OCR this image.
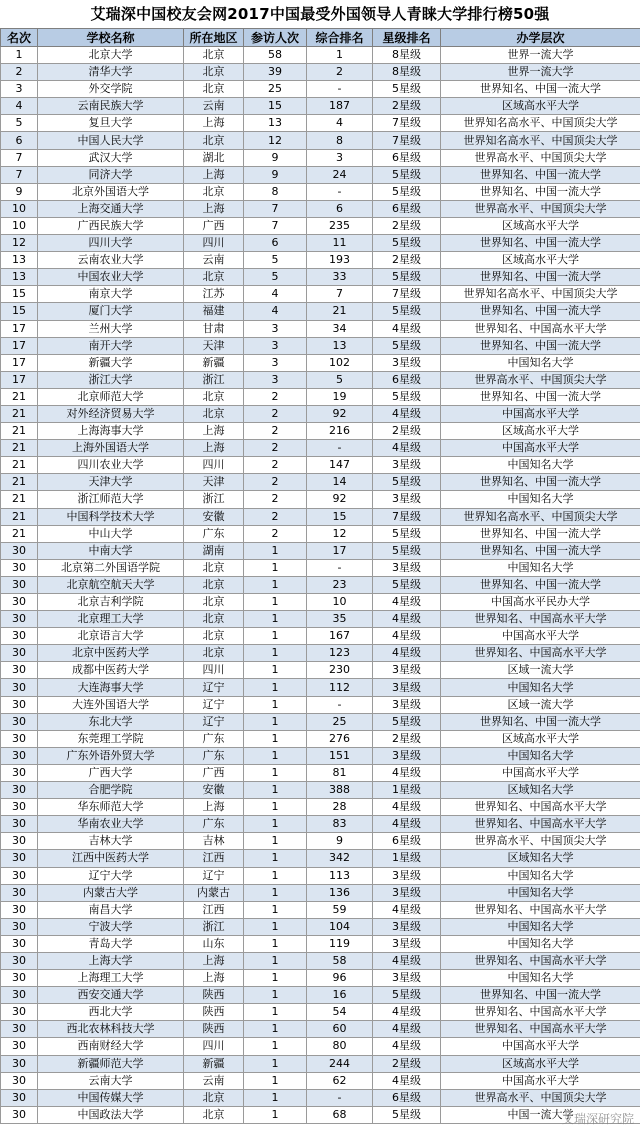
艾瑞深中国校友会网2017中国最受外国领导人青睐大学排行榜50强
名次	学校名称	所在地区	参访人次	综合排名	星级排名	办学层次
1	北京大学	北京	58	1	8星级	世界一流大学
2	清华大学	北京	39	2	8星级	世界一流大学
3	外交学院	北京	25	-	5星级	世界知名、中国一流大学
4	云南民族大学	云南	15	187	2星级	区域高水平大学
5	复旦大学	上海	13	4	7星级	世界知名高水平、中国顶尖大学
6	中国人民大学	北京	12	8	7星级	世界知名高水平、中国顶尖大学
7	武汉大学	湖北	9	3	6星级	世界高水平、中国顶尖大学
7	同济大学	上海	9	24	5星级	世界知名、中国一流大学
9	北京外国语大学	北京	8	-	5星级	世界知名、中国一流大学
10	上海交通大学	上海	7	6	6星级	世界高水平、中国顶尖大学
10	广西民族大学	广西	7	235	2星级	区域高水平大学
12	四川大学	四川	6	11	5星级	世界知名、中国一流大学
13	云南农业大学	云南	5	193	2星级	区域高水平大学
13	中国农业大学	北京	5	33	5星级	世界知名、中国一流大学
15	南京大学	江苏	4	7	7星级	世界知名高水平、中国顶尖大学
15	厦门大学	福建	4	21	5星级	世界知名、中国一流大学
17	兰州大学	甘肃	3	34	4星级	世界知名、中国高水平大学
17	南开大学	天津	3	13	5星级	世界知名、中国一流大学
17	新疆大学	新疆	3	102	3星级	中国知名大学
17	浙江大学	浙江	3	5	6星级	世界高水平、中国顶尖大学
21	北京师范大学	北京	2	19	5星级	世界知名、中国一流大学
21	对外经济贸易大学	北京	2	92	4星级	中国高水平大学
21	上海海事大学	上海	2	216	2星级	区域高水平大学
21	上海外国语大学	上海	2	-	4星级	中国高水平大学
21	四川农业大学	四川	2	147	3星级	中国知名大学
21	天津大学	天津	2	14	5星级	世界知名、中国一流大学
21	浙江师范大学	浙江	2	92	3星级	中国知名大学
21	中国科学技术大学	安徽	2	15	7星级	世界知名高水平、中国顶尖大学
21	中山大学	广东	2	12	5星级	世界知名、中国一流大学
30	中南大学	湖南	1	17	5星级	世界知名、中国一流大学
30	北京第二外国语学院	北京	1	-	3星级	中国知名大学
30	北京航空航天大学	北京	1	23	5星级	世界知名、中国一流大学
30	北京吉利学院	北京	1	10	4星级	中国高水平民办大学
30	北京理工大学	北京	1	35	4星级	世界知名、中国高水平大学
30	北京语言大学	北京	1	167	4星级	中国高水平大学
30	北京中医药大学	北京	1	123	4星级	世界知名、中国高水平大学
30	成都中医药大学	四川	1	230	3星级	区域一流大学
30	大连海事大学	辽宁	1	112	3星级	中国知名大学
30	大连外国语大学	辽宁	1	-	3星级	区域一流大学
30	东北大学	辽宁	1	25	5星级	世界知名、中国一流大学
30	东莞理工学院	广东	1	276	2星级	区域高水平大学
30	广东外语外贸大学	广东	1	151	3星级	中国知名大学
30	广西大学	广西	1	81	4星级	中国高水平大学
30	合肥学院	安徽	1	388	1星级	区域知名大学
30	华东师范大学	上海	1	28	4星级	世界知名、中国高水平大学
30	华南农业大学	广东	1	83	4星级	世界知名、中国高水平大学
30	吉林大学	吉林	1	9	6星级	世界高水平、中国顶尖大学
30	江西中医药大学	江西	1	342	1星级	区域知名大学
30	辽宁大学	辽宁	1	113	3星级	中国知名大学
30	内蒙古大学	内蒙古	1	136	3星级	中国知名大学
30	南昌大学	江西	1	59	4星级	世界知名、中国高水平大学
30	宁波大学	浙江	1	104	3星级	中国知名大学
30	青岛大学	山东	1	119	3星级	中国知名大学
30	上海大学	上海	1	58	4星级	世界知名、中国高水平大学
30	上海理工大学	上海	1	96	3星级	中国知名大学
30	西安交通大学	陕西	1	16	5星级	世界知名、中国一流大学
30	西北大学	陕西	1	54	4星级	世界知名、中国高水平大学
30	西北农林科技大学	陕西	1	60	4星级	世界知名、中国高水平大学
30	西南财经大学	四川	1	80	4星级	中国高水平大学
30	新疆师范大学	新疆	1	244	2星级	区域高水平大学
30	云南大学	云南	1	62	4星级	中国高水平大学
30	中国传媒大学	北京	1	-	6星级	世界高水平、中国顶尖大学
30	中国政法大学	北京	1	68	5星级	中国一流大学
艾瑞深研究院
